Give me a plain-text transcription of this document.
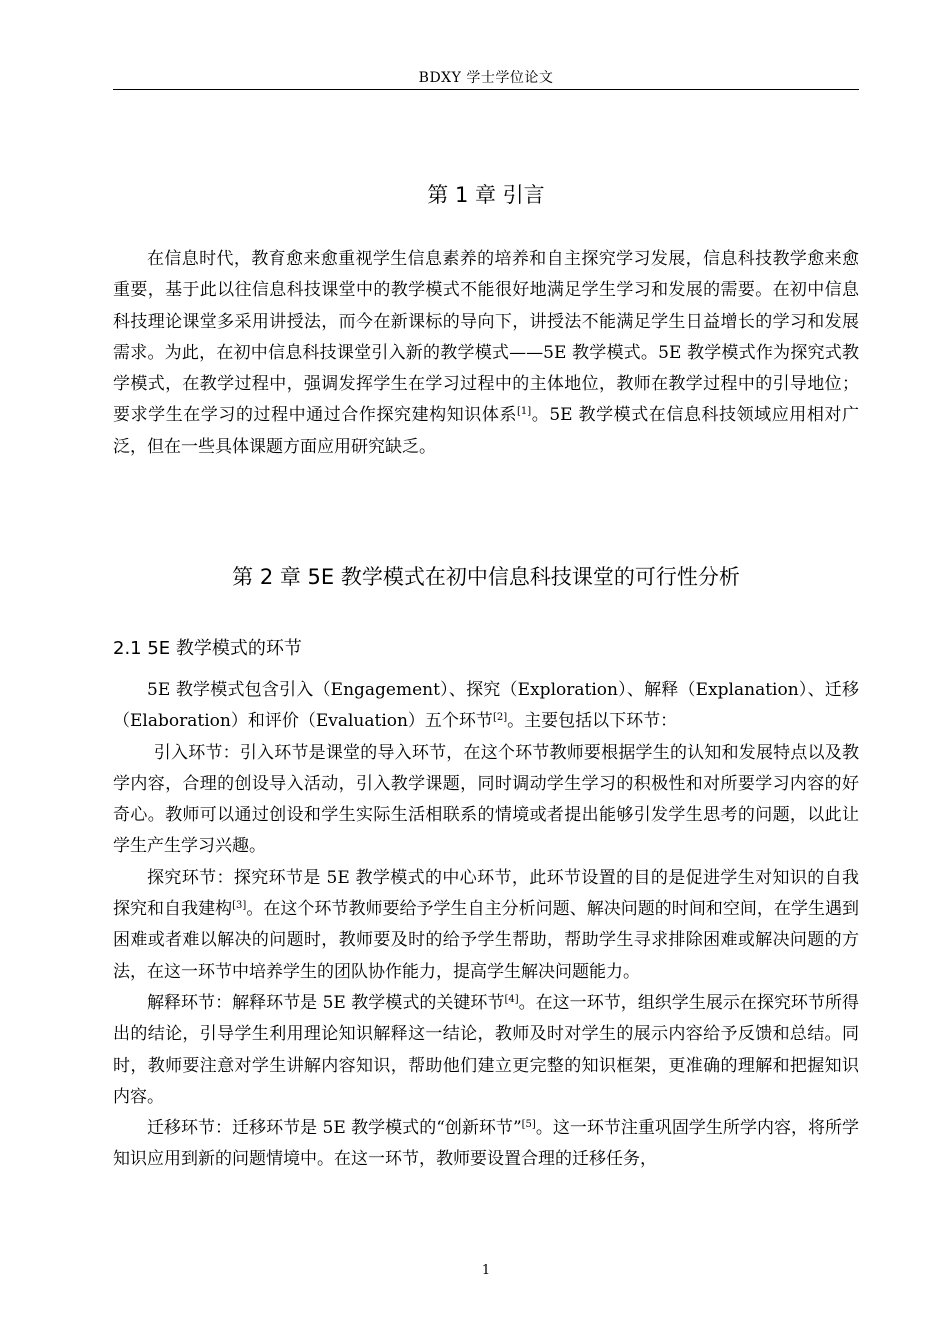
BDXY 学士学位论文
第 1 章 引言

在信息时代，教育愈来愈重视学生信息素养的培养和自主探究学习发展，信息科技教学愈来愈重要，基于此以往信息科技课堂中的教学模式不能很好地满足学生学习和发展的需要。在初中信息科技理论课堂多采用讲授法，而今在新课标的导向下，讲授法不能满足学生日益增长的学习和发展需求。为此，在初中信息科技课堂引入新的教学模式——5E 教学模式。5E 教学模式作为探究式教学模式，在教学过程中，强调发挥学生在学习过程中的主体地位，教师在教学过程中的引导地位；要求学生在学习的过程中通过合作探究建构知识体系[1]。5E 教学模式在信息科技领域应用相对广泛，但在一些具体课题方面应用研究缺乏。

第 2 章 5E 教学模式在初中信息科技课堂的可行性分析
2.1 5E 教学模式的环节

5E 教学模式包含引入（Engagement）、探究（Exploration）、解释（Explanation）、迁移（Elaboration）和评价（Evaluation）五个环节[2]。主要包括以下环节：

引入环节：引入环节是课堂的导入环节，在这个环节教师要根据学生的认知和发展特点以及教学内容，合理的创设导入活动，引入教学课题，同时调动学生学习的积极性和对所要学习内容的好奇心。教师可以通过创设和学生实际生活相联系的情境或者提出能够引发学生思考的问题，以此让学生产生学习兴趣。

探究环节：探究环节是 5E 教学模式的中心环节，此环节设置的目的是促进学生对知识的自我探究和自我建构[3]。在这个环节教师要给予学生自主分析问题、解决问题的时间和空间，在学生遇到困难或者难以解决的问题时，教师要及时的给予学生帮助，帮助学生寻求排除困难或解决问题的方法，在这一环节中培养学生的团队协作能力，提高学生解决问题能力。

解释环节：解释环节是 5E 教学模式的关键环节[4]。在这一环节，组织学生展示在探究环节所得出的结论，引导学生利用理论知识解释这一结论，教师及时对学生的展示内容给予反馈和总结。同时，教师要注意对学生讲解内容知识，帮助他们建立更完整的知识框架，更准确的理解和把握知识内容。

迁移环节：迁移环节是 5E 教学模式的“创新环节”[5]。这一环节注重巩固学生所学内容，将所学知识应用到新的问题情境中。在这一环节，教师要设置合理的迁移任务，

1
